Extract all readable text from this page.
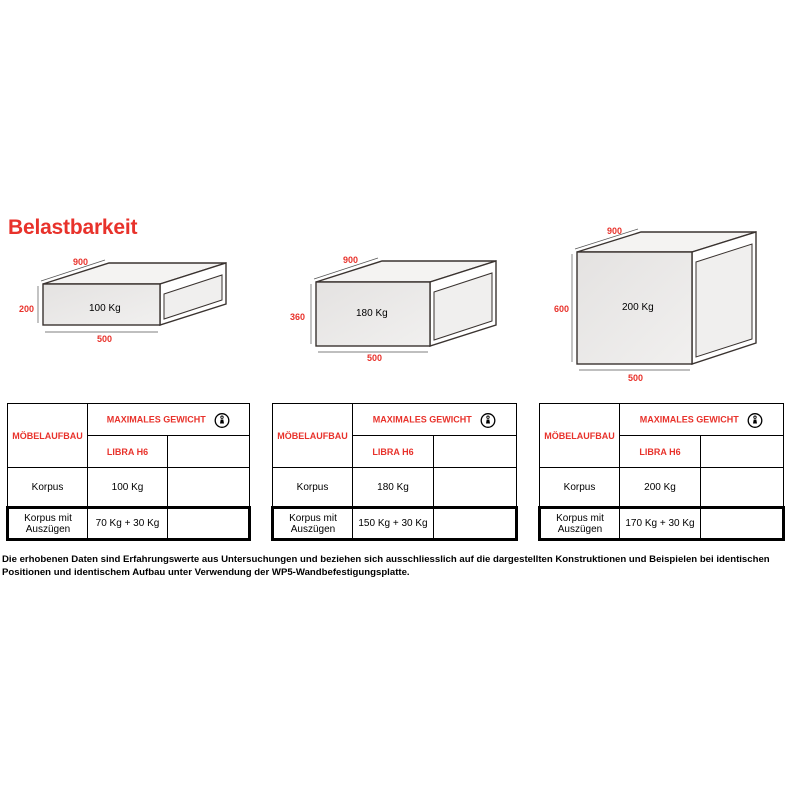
Belastbarkeit
900
200
500
100 Kg
900
360
500
180 Kg
900
600
500
200 Kg
MÖBELAUFBAU	MAXIMALES GEWICHT	
	LIBRA H6	
Korpus	100 Kg	
Korpus mit Auszügen	70 Kg + 30 Kg	
MÖBELAUFBAU	MAXIMALES GEWICHT	
	LIBRA H6	
Korpus	180 Kg	
Korpus mit Auszügen	150 Kg + 30 Kg	
MÖBELAUFBAU	MAXIMALES GEWICHT	
	LIBRA H6	
Korpus	200 Kg	
Korpus mit Auszügen	170 Kg + 30 Kg	
Die erhobenen Daten sind Erfahrungswerte aus Untersuchungen und beziehen sich ausschliesslich auf die dargestellten Konstruktionen und Beispielen bei identischen
Positionen und identischem Aufbau unter Verwendung der WP5-Wandbefestigungsplatte.
